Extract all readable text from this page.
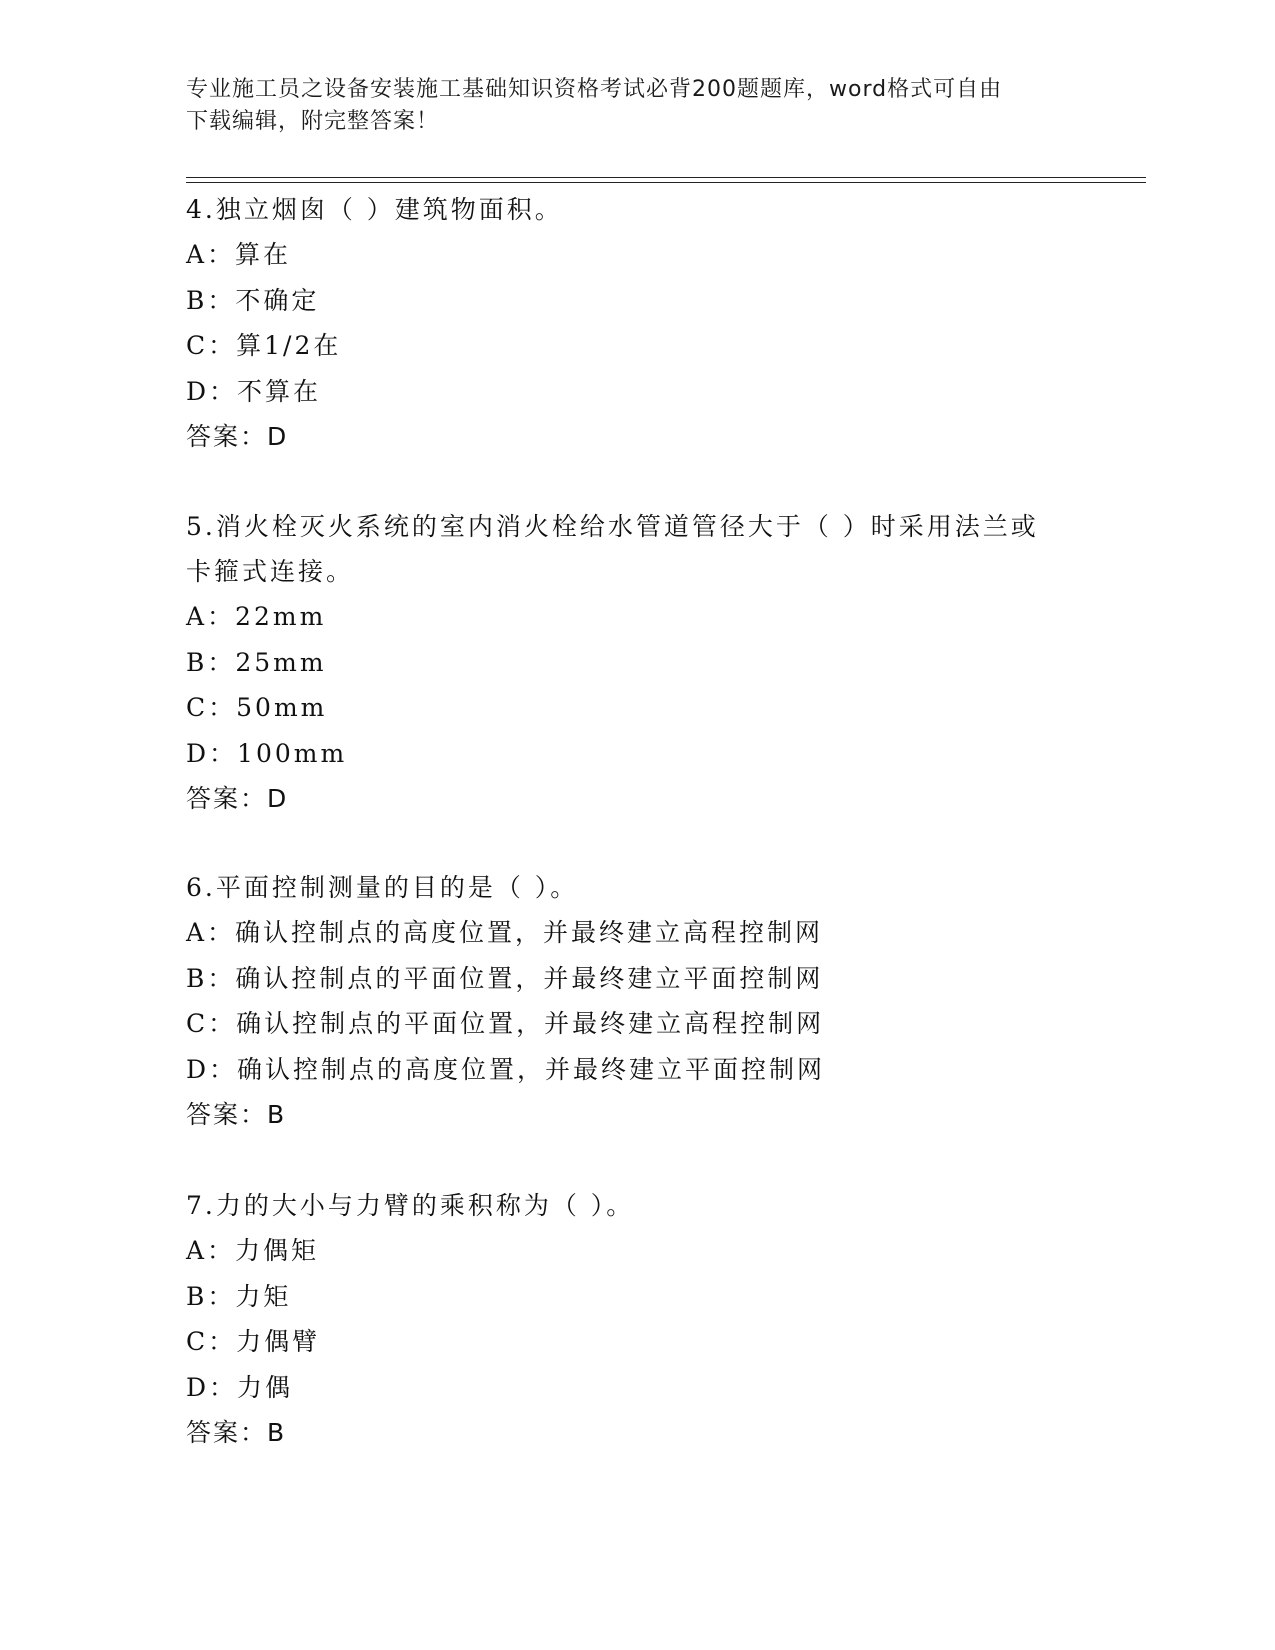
专业施工员之设备安装施工基础知识资格考试必背200题题库，word格式可自由
下载编辑，附完整答案！

4.独立烟囱（ ）建筑物面积。

A：算在

B：不确定

C：算1/2在

D：不算在

答案：D

5.消火栓灭火系统的室内消火栓给水管道管径大于（ ）时采用法兰或

卡箍式连接。

A：22mm

B：25mm

C：50mm

D：100mm

答案：D

6.平面控制测量的目的是（ ）。

A：确认控制点的高度位置，并最终建立高程控制网

B：确认控制点的平面位置，并最终建立平面控制网

C：确认控制点的平面位置，并最终建立高程控制网

D：确认控制点的高度位置，并最终建立平面控制网

答案：B

7.力的大小与力臂的乘积称为（ ）。

A：力偶矩

B：力矩

C：力偶臂

D：力偶

答案：B
